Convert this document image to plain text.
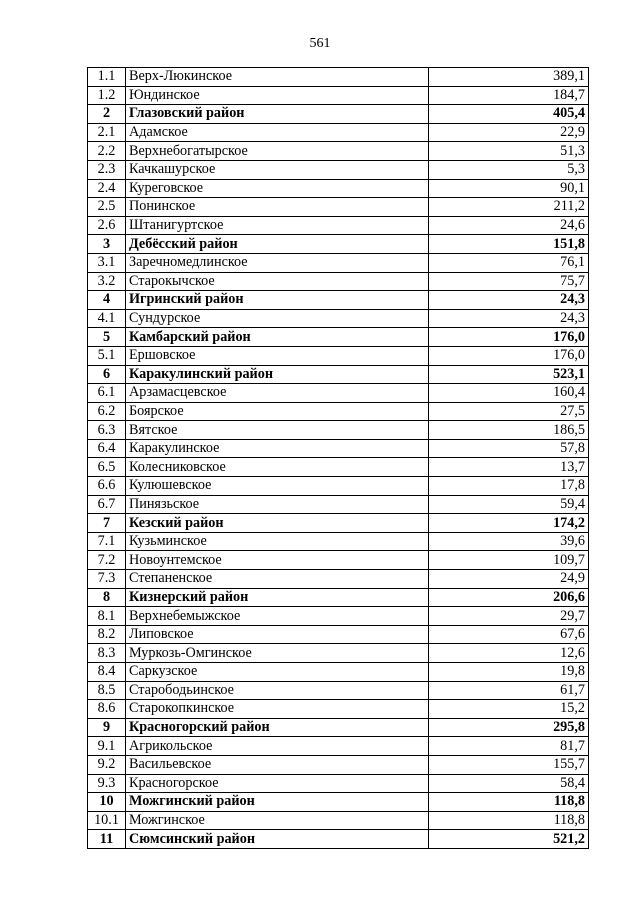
561
1.1	Верх-Люкинское	389,1
1.2	Юндинское	184,7
2	Глазовский район	405,4
2.1	Адамское	22,9
2.2	Верхнебогатырское	51,3
2.3	Качкашурское	5,3
2.4	Куреговское	90,1
2.5	Понинское	211,2
2.6	Штанигуртское	24,6
3	Дебёсский район	151,8
3.1	Заречномедлинское	76,1
3.2	Старокычское	75,7
4	Игринский район	24,3
4.1	Сундурское	24,3
5	Камбарский район	176,0
5.1	Ершовское	176,0
6	Каракулинский район	523,1
6.1	Арзамасцевское	160,4
6.2	Боярское	27,5
6.3	Вятское	186,5
6.4	Каракулинское	57,8
6.5	Колесниковское	13,7
6.6	Кулюшевское	17,8
6.7	Пинязьское	59,4
7	Кезский район	174,2
7.1	Кузьминское	39,6
7.2	Новоунтемское	109,7
7.3	Степаненское	24,9
8	Кизнерский район	206,6
8.1	Верхнебемыжское	29,7
8.2	Липовское	67,6
8.3	Муркозь-Омгинское	12,6
8.4	Саркузское	19,8
8.5	Старободьинское	61,7
8.6	Старокопкинское	15,2
9	Красногорский район	295,8
9.1	Агрикольское	81,7
9.2	Васильевское	155,7
9.3	Красногорское	58,4
10	Можгинский район	118,8
10.1	Можгинское	118,8
11	Сюмсинский район	521,2
